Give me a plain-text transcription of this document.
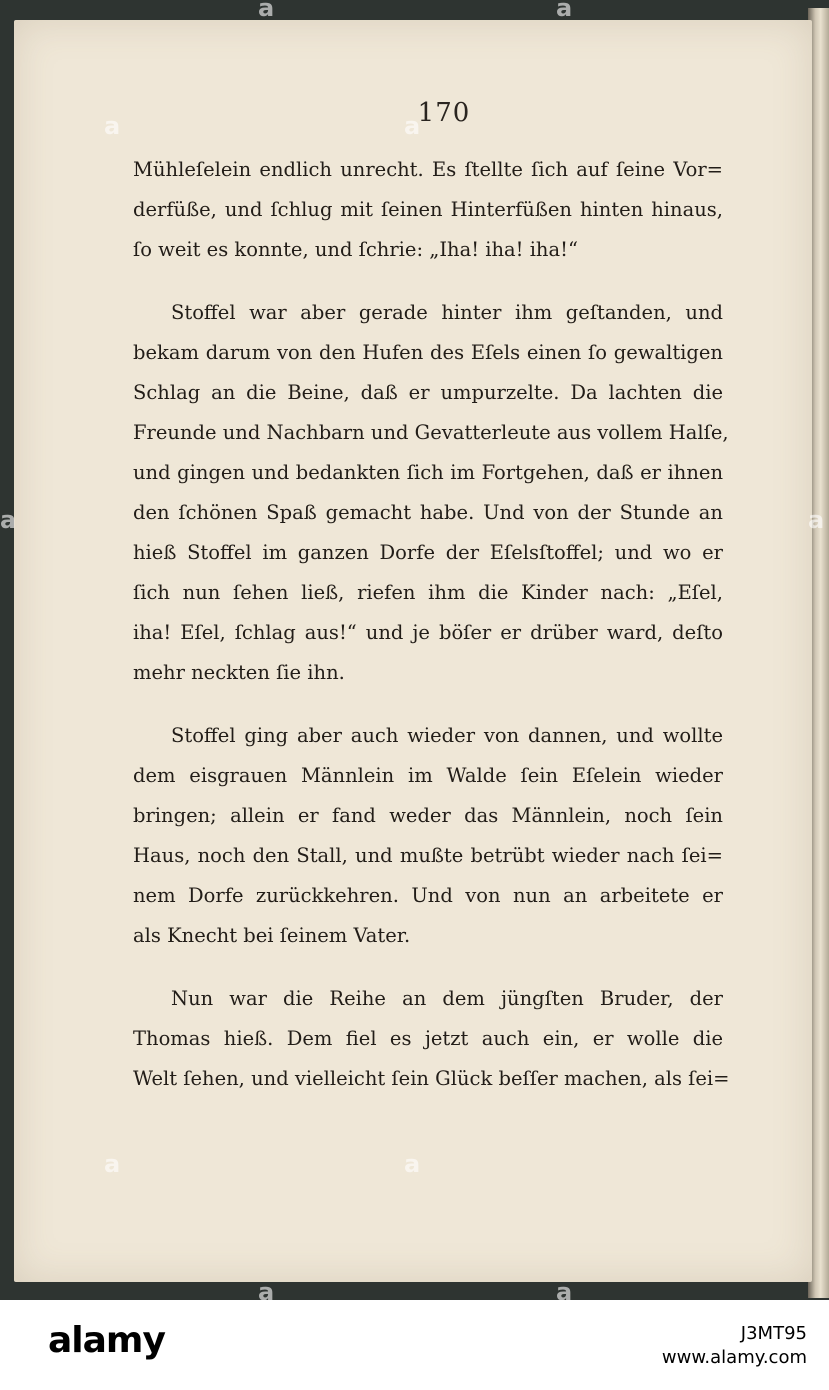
170
Mühleſelein endlich unrecht. Es ſtellte ſich auf ſeine Vor=
derfüße, und ſchlug mit ſeinen Hinterfüßen hinten hinaus,
ſo weit es konnte, und ſchrie: „Iha! iha! iha!“
Stoffel war aber gerade hinter ihm geſtanden, und
bekam darum von den Hufen des Eſels einen ſo gewaltigen
Schlag an die Beine, daß er umpurzelte. Da lachten die
Freunde und Nachbarn und Gevatterleute aus vollem Halſe,
und gingen und bedankten ſich im Fortgehen, daß er ihnen
den ſchönen Spaß gemacht habe. Und von der Stunde an
hieß Stoffel im ganzen Dorfe der Eſelsſtoffel; und wo er
ſich nun ſehen ließ, riefen ihm die Kinder nach: „Eſel,
iha! Eſel, ſchlag aus!“ und je böſer er drüber ward, deſto
mehr neckten ſie ihn.
Stoffel ging aber auch wieder von dannen, und wollte
dem eisgrauen Männlein im Walde ſein Eſelein wieder
bringen; allein er fand weder das Männlein, noch ſein
Haus, noch den Stall, und mußte betrübt wieder nach ſei=
nem Dorfe zurückkehren. Und von nun an arbeitete er
als Knecht bei ſeinem Vater.
Nun war die Reihe an dem jüngſten Bruder, der
Thomas hieß. Dem fiel es jetzt auch ein, er wolle die
Welt ſehen, und vielleicht ſein Glück beſſer machen, als ſei=
a	a
a	a
a	a
a	a
a	a
alamy	J3MT95
www.alamy.com
